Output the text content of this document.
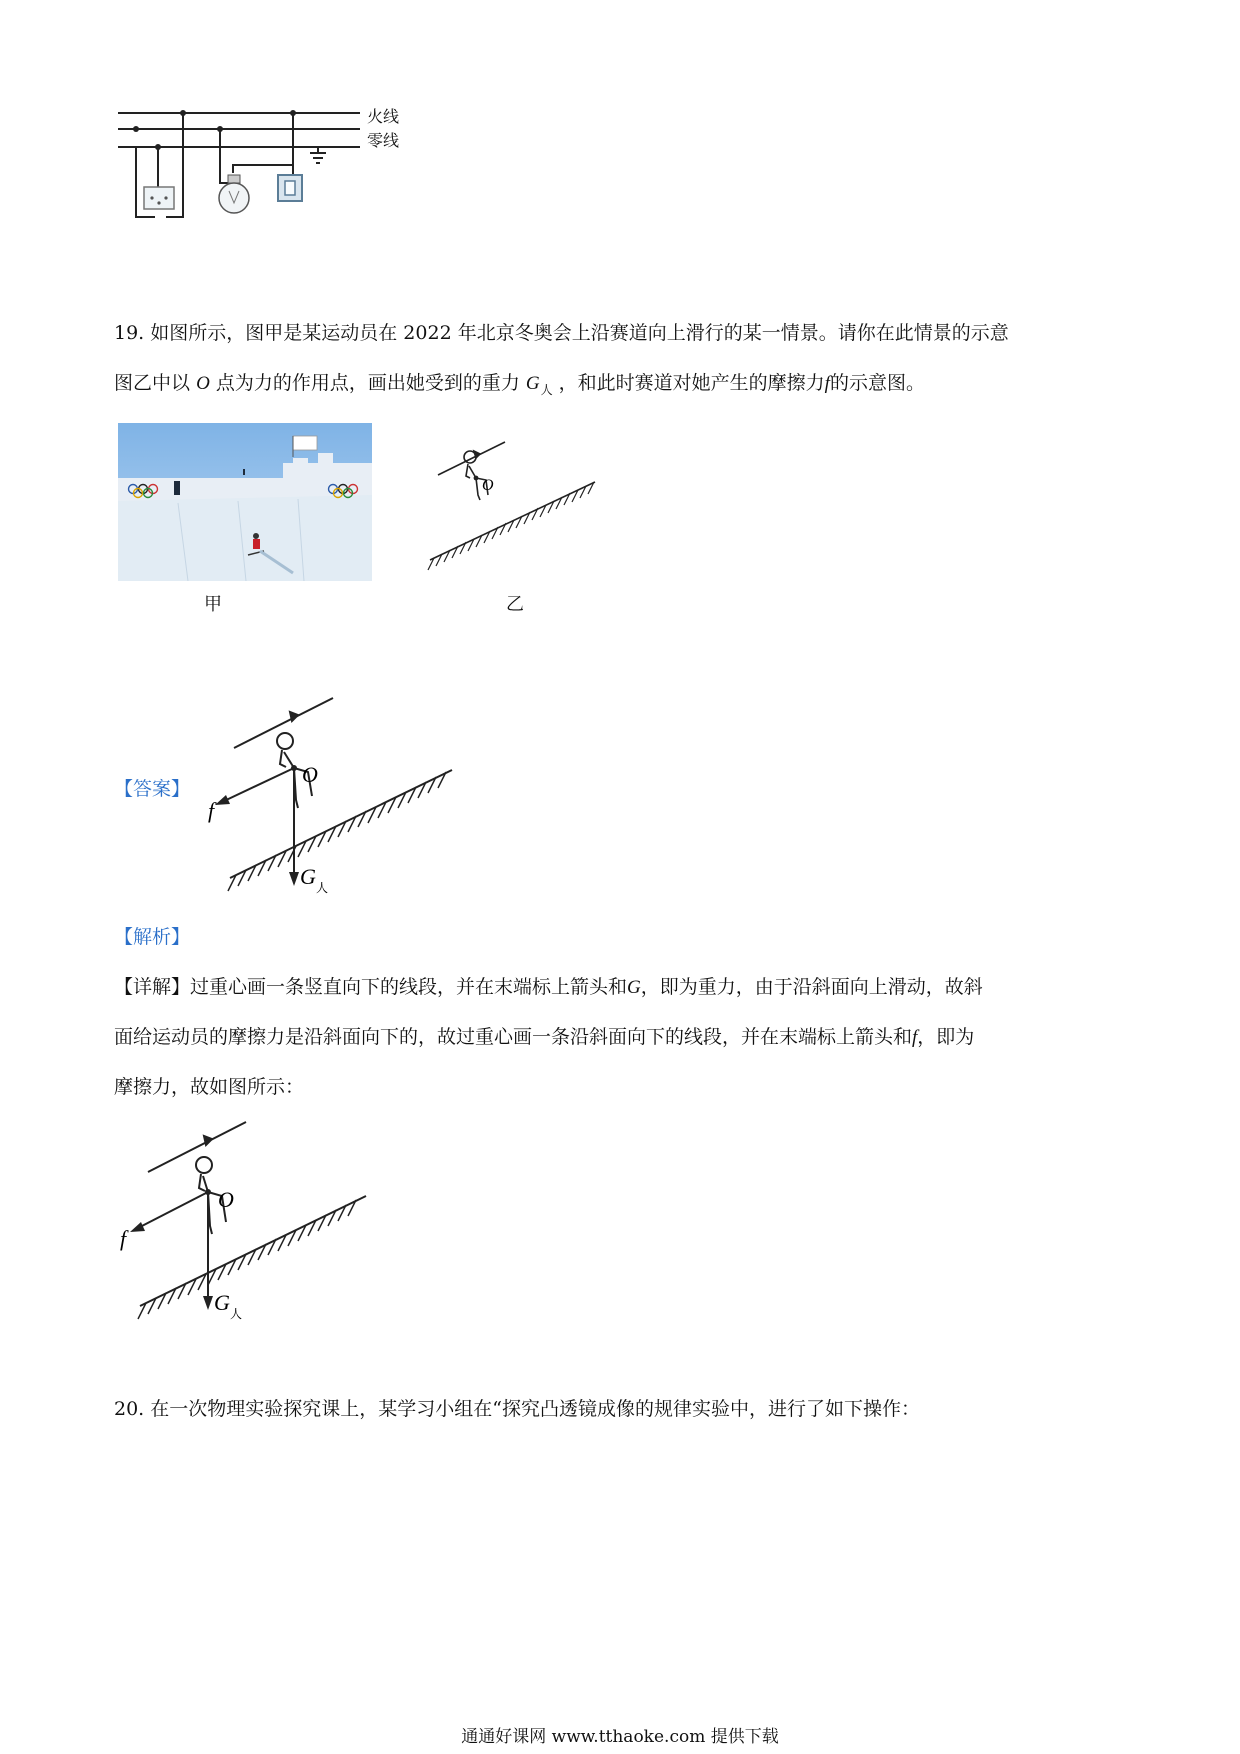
火线
零线
19. 如图所示，图甲是某运动员在 2022 年北京冬奥会上沿赛道向上滑行的某一情景。请你在此情景的示意
图乙中以 O 点为力的作用点，画出她受到的重力 $G_人$ ，和此时赛道对她产生的摩擦力f的示意图。
甲
O
乙
【答案】
O
f
G 人
【解析】
【详解】过重心画一条竖直向下的线段，并在末端标上箭头和G，即为重力，由于沿斜面向上滑动，故斜
面给运动员的摩擦力是沿斜面向下的，故过重心画一条沿斜面向下的线段，并在末端标上箭头和f，即为
摩擦力，故如图所示：
O
f
G 人
20. 在一次物理实验探究课上，某学习小组在“探究凸透镜成像的规律实验中，进行了如下操作：
通通好课网 www.tthaoke.com 提供下载
